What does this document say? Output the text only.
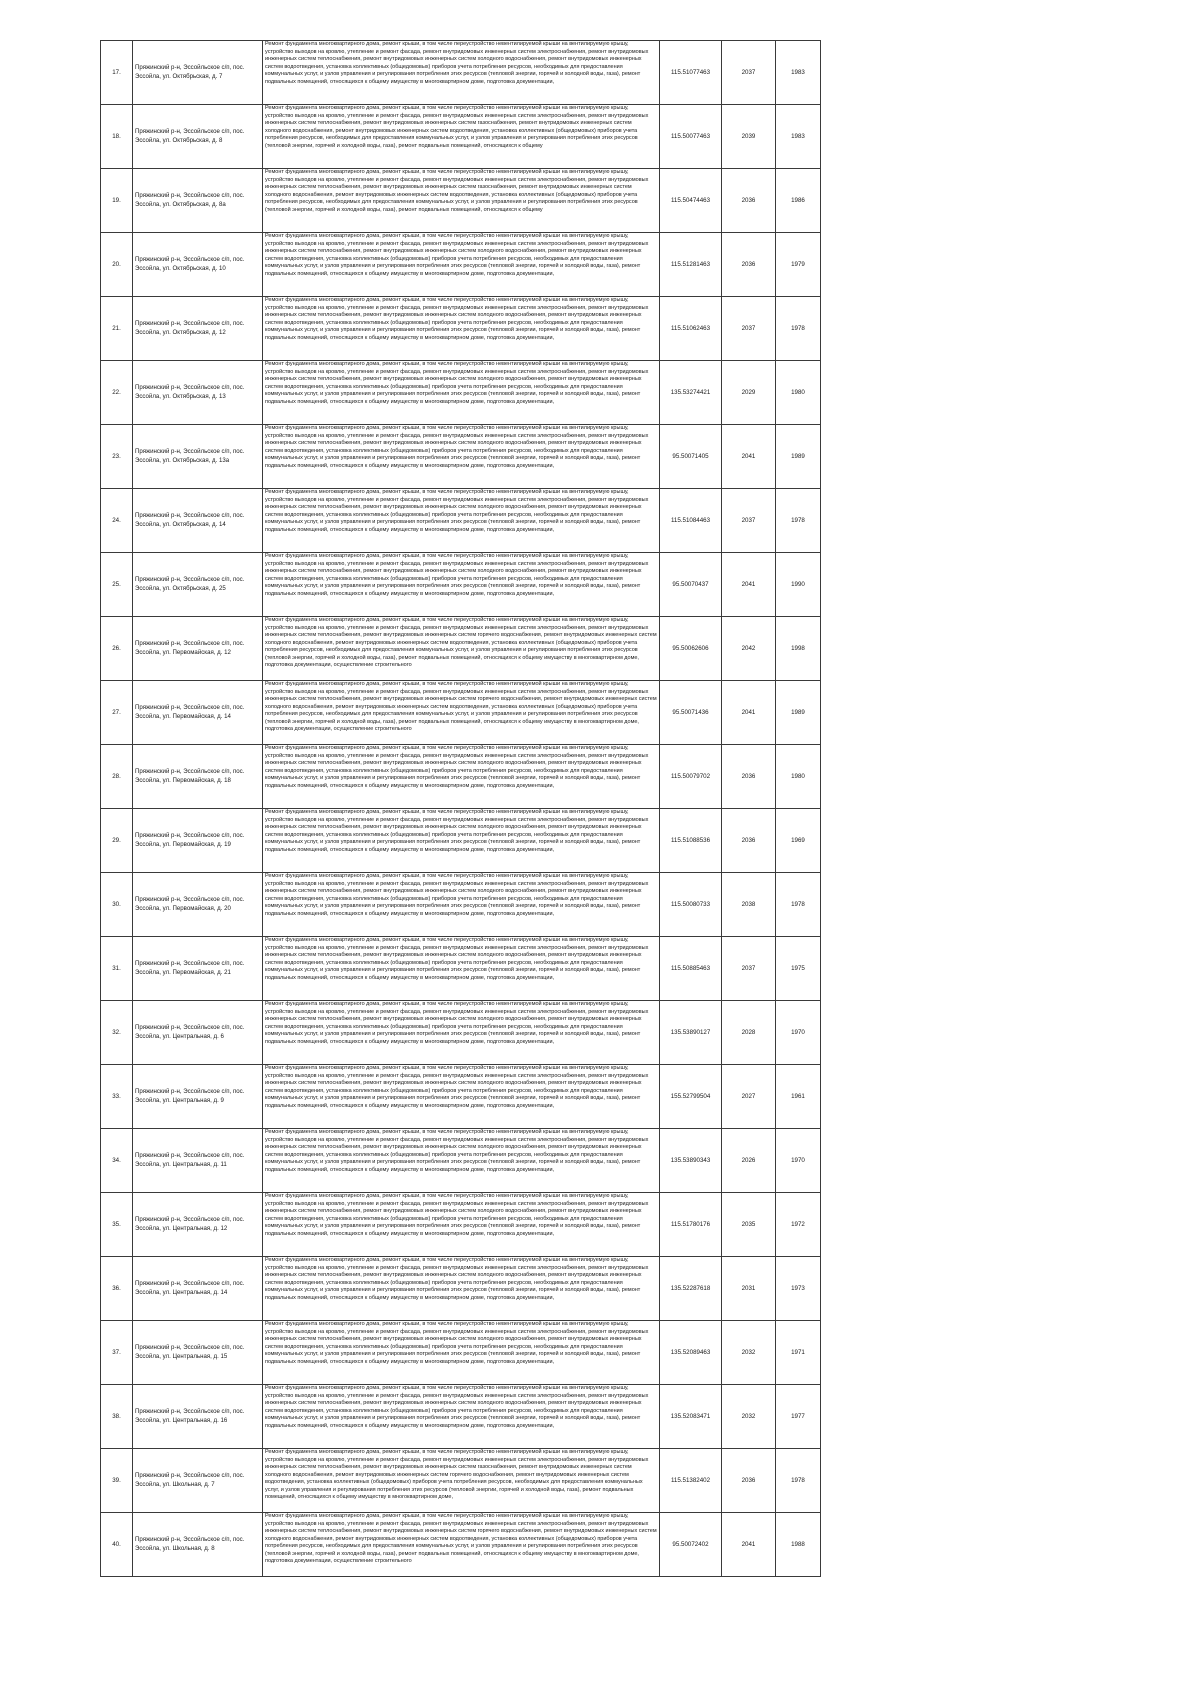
17.	Пряжинский р-н, Эссойльское с/п, пос. Эссойла, ул. Октябрьская, д. 7	Ремонт фундамента многоквартирного дома, ремонт крыши, в том числе переустройство невентилируемой крыши на вентилируемую крышу, устройство выходов на кровлю, утепление и ремонт фасада, ремонт внутридомовых инженерных систем электроснабжения, ремонт внутридомовых инженерных систем теплоснабжения, ремонт внутридомовых инженерных систем холодного водоснабжения, ремонт внутридомовых инженерных систем водоотведения, установка коллективных (общедомовых) приборов учета потребления ресурсов, необходимых для предоставления коммунальных услуг, и узлов управления и регулирования потребления этих ресурсов (тепловой энергии, горячей и холодной воды, газа), ремонт подвальных помещений, относящихся к общему имуществу в многоквартирном доме, подготовка документации,	115.51077463	2037	1983
18.	Пряжинский р-н, Эссойльское с/п, пос. Эссойла, ул. Октябрьская, д. 8	Ремонт фундамента многоквартирного дома, ремонт крыши, в том числе переустройство невентилируемой крыши на вентилируемую крышу, устройство выходов на кровлю, утепление и ремонт фасада, ремонт внутридомовых инженерных систем электроснабжения, ремонт внутридомовых инженерных систем теплоснабжения, ремонт внутридомовых инженерных систем газоснабжения, ремонт внутридомовых инженерных систем холодного водоснабжения, ремонт внутридомовых инженерных систем водоотведения, установка коллективных (общедомовых) приборов учета потребления ресурсов, необходимых для предоставления коммунальных услуг, и узлов управления и регулирования потребления этих ресурсов (тепловой энергии, горячей и холодной воды, газа), ремонт подвальных помещений, относящихся к общему	115.50077463	2039	1983
19.	Пряжинский р-н, Эссойльское с/п, пос. Эссойла, ул. Октябрьская, д. 8а	Ремонт фундамента многоквартирного дома, ремонт крыши, в том числе переустройство невентилируемой крыши на вентилируемую крышу, устройство выходов на кровлю, утепление и ремонт фасада, ремонт внутридомовых инженерных систем электроснабжения, ремонт внутридомовых инженерных систем теплоснабжения, ремонт внутридомовых инженерных систем газоснабжения, ремонт внутридомовых инженерных систем холодного водоснабжения, ремонт внутридомовых инженерных систем водоотведения, установка коллективных (общедомовых) приборов учета потребления ресурсов, необходимых для предоставления коммунальных услуг, и узлов управления и регулирования потребления этих ресурсов (тепловой энергии, горячей и холодной воды, газа), ремонт подвальных помещений, относящихся к общему	115.50474463	2036	1986
20.	Пряжинский р-н, Эссойльское с/п, пос. Эссойла, ул. Октябрьская, д. 10	Ремонт фундамента многоквартирного дома, ремонт крыши, в том числе переустройство невентилируемой крыши на вентилируемую крышу, устройство выходов на кровлю, утепление и ремонт фасада, ремонт внутридомовых инженерных систем электроснабжения, ремонт внутридомовых инженерных систем теплоснабжения, ремонт внутридомовых инженерных систем холодного водоснабжения, ремонт внутридомовых инженерных систем водоотведения, установка коллективных (общедомовых) приборов учета потребления ресурсов, необходимых для предоставления коммунальных услуг, и узлов управления и регулирования потребления этих ресурсов (тепловой энергии, горячей и холодной воды, газа), ремонт подвальных помещений, относящихся к общему имуществу в многоквартирном доме, подготовка документации,	115.51281463	2036	1979
21.	Пряжинский р-н, Эссойльское с/п, пос. Эссойла, ул. Октябрьская, д. 12	Ремонт фундамента многоквартирного дома, ремонт крыши, в том числе переустройство невентилируемой крыши на вентилируемую крышу, устройство выходов на кровлю, утепление и ремонт фасада, ремонт внутридомовых инженерных систем электроснабжения, ремонт внутридомовых инженерных систем теплоснабжения, ремонт внутридомовых инженерных систем холодного водоснабжения, ремонт внутридомовых инженерных систем водоотведения, установка коллективных (общедомовых) приборов учета потребления ресурсов, необходимых для предоставления коммунальных услуг, и узлов управления и регулирования потребления этих ресурсов (тепловой энергии, горячей и холодной воды, газа), ремонт подвальных помещений, относящихся к общему имуществу в многоквартирном доме, подготовка документации,	115.51062463	2037	1978
22.	Пряжинский р-н, Эссойльское с/п, пос. Эссойла, ул. Октябрьская, д. 13	Ремонт фундамента многоквартирного дома, ремонт крыши, в том числе переустройство невентилируемой крыши на вентилируемую крышу, устройство выходов на кровлю, утепление и ремонт фасада, ремонт внутридомовых инженерных систем электроснабжения, ремонт внутридомовых инженерных систем теплоснабжения, ремонт внутридомовых инженерных систем холодного водоснабжения, ремонт внутридомовых инженерных систем водоотведения, установка коллективных (общедомовых) приборов учета потребления ресурсов, необходимых для предоставления коммунальных услуг, и узлов управления и регулирования потребления этих ресурсов (тепловой энергии, горячей и холодной воды, газа), ремонт подвальных помещений, относящихся к общему имуществу в многоквартирном доме, подготовка документации,	135.53274421	2029	1980
23.	Пряжинский р-н, Эссойльское с/п, пос. Эссойла, ул. Октябрьская, д. 13а	Ремонт фундамента многоквартирного дома, ремонт крыши, в том числе переустройство невентилируемой крыши на вентилируемую крышу, устройство выходов на кровлю, утепление и ремонт фасада, ремонт внутридомовых инженерных систем электроснабжения, ремонт внутридомовых инженерных систем теплоснабжения, ремонт внутридомовых инженерных систем холодного водоснабжения, ремонт внутридомовых инженерных систем водоотведения, установка коллективных (общедомовых) приборов учета потребления ресурсов, необходимых для предоставления коммунальных услуг, и узлов управления и регулирования потребления этих ресурсов (тепловой энергии, горячей и холодной воды, газа), ремонт подвальных помещений, относящихся к общему имуществу в многоквартирном доме, подготовка документации,	95.50071405	2041	1989
24.	Пряжинский р-н, Эссойльское с/п, пос. Эссойла, ул. Октябрьская, д. 14	Ремонт фундамента многоквартирного дома, ремонт крыши, в том числе переустройство невентилируемой крыши на вентилируемую крышу, устройство выходов на кровлю, утепление и ремонт фасада, ремонт внутридомовых инженерных систем электроснабжения, ремонт внутридомовых инженерных систем теплоснабжения, ремонт внутридомовых инженерных систем холодного водоснабжения, ремонт внутридомовых инженерных систем водоотведения, установка коллективных (общедомовых) приборов учета потребления ресурсов, необходимых для предоставления коммунальных услуг, и узлов управления и регулирования потребления этих ресурсов (тепловой энергии, горячей и холодной воды, газа), ремонт подвальных помещений, относящихся к общему имуществу в многоквартирном доме, подготовка документации,	115.51084463	2037	1978
25.	Пряжинский р-н, Эссойльское с/п, пос. Эссойла, ул. Октябрьская, д. 25	Ремонт фундамента многоквартирного дома, ремонт крыши, в том числе переустройство невентилируемой крыши на вентилируемую крышу, устройство выходов на кровлю, утепление и ремонт фасада, ремонт внутридомовых инженерных систем электроснабжения, ремонт внутридомовых инженерных систем теплоснабжения, ремонт внутридомовых инженерных систем холодного водоснабжения, ремонт внутридомовых инженерных систем водоотведения, установка коллективных (общедомовых) приборов учета потребления ресурсов, необходимых для предоставления коммунальных услуг, и узлов управления и регулирования потребления этих ресурсов (тепловой энергии, горячей и холодной воды, газа), ремонт подвальных помещений, относящихся к общему имуществу в многоквартирном доме, подготовка документации,	95.50070437	2041	1990
26.	Пряжинский р-н, Эссойльское с/п, пос. Эссойла, ул. Первомайская, д. 12	Ремонт фундамента многоквартирного дома, ремонт крыши, в том числе переустройство невентилируемой крыши на вентилируемую крышу, устройство выходов на кровлю, утепление и ремонт фасада, ремонт внутридомовых инженерных систем электроснабжения, ремонт внутридомовых инженерных систем теплоснабжения, ремонт внутридомовых инженерных систем горячего водоснабжения, ремонт внутридомовых инженерных систем холодного водоснабжения, ремонт внутридомовых инженерных систем водоотведения, установка коллективных (общедомовых) приборов учета потребления ресурсов, необходимых для предоставления коммунальных услуг, и узлов управления и регулирования потребления этих ресурсов (тепловой энергии, горячей и холодной воды, газа), ремонт подвальных помещений, относящихся к общему имуществу в многоквартирном доме, подготовка документации, осуществление строительного	95.50062606	2042	1998
27.	Пряжинский р-н, Эссойльское с/п, пос. Эссойла, ул. Первомайская, д. 14	Ремонт фундамента многоквартирного дома, ремонт крыши, в том числе переустройство невентилируемой крыши на вентилируемую крышу, устройство выходов на кровлю, утепление и ремонт фасада, ремонт внутридомовых инженерных систем электроснабжения, ремонт внутридомовых инженерных систем теплоснабжения, ремонт внутридомовых инженерных систем горячего водоснабжения, ремонт внутридомовых инженерных систем холодного водоснабжения, ремонт внутридомовых инженерных систем водоотведения, установка коллективных (общедомовых) приборов учета потребления ресурсов, необходимых для предоставления коммунальных услуг, и узлов управления и регулирования потребления этих ресурсов (тепловой энергии, горячей и холодной воды, газа), ремонт подвальных помещений, относящихся к общему имуществу в многоквартирном доме, подготовка документации, осуществление строительного	95.50071436	2041	1989
28.	Пряжинский р-н, Эссойльское с/п, пос. Эссойла, ул. Первомайская, д. 18	Ремонт фундамента многоквартирного дома, ремонт крыши, в том числе переустройство невентилируемой крыши на вентилируемую крышу, устройство выходов на кровлю, утепление и ремонт фасада, ремонт внутридомовых инженерных систем электроснабжения, ремонт внутридомовых инженерных систем теплоснабжения, ремонт внутридомовых инженерных систем холодного водоснабжения, ремонт внутридомовых инженерных систем водоотведения, установка коллективных (общедомовых) приборов учета потребления ресурсов, необходимых для предоставления коммунальных услуг, и узлов управления и регулирования потребления этих ресурсов (тепловой энергии, горячей и холодной воды, газа), ремонт подвальных помещений, относящихся к общему имуществу в многоквартирном доме, подготовка документации,	115.50079702	2036	1980
29.	Пряжинский р-н, Эссойльское с/п, пос. Эссойла, ул. Первомайская, д. 19	Ремонт фундамента многоквартирного дома, ремонт крыши, в том числе переустройство невентилируемой крыши на вентилируемую крышу, устройство выходов на кровлю, утепление и ремонт фасада, ремонт внутридомовых инженерных систем электроснабжения, ремонт внутридомовых инженерных систем теплоснабжения, ремонт внутридомовых инженерных систем холодного водоснабжения, ремонт внутридомовых инженерных систем водоотведения, установка коллективных (общедомовых) приборов учета потребления ресурсов, необходимых для предоставления коммунальных услуг, и узлов управления и регулирования потребления этих ресурсов (тепловой энергии, горячей и холодной воды, газа), ремонт подвальных помещений, относящихся к общему имуществу в многоквартирном доме, подготовка документации,	115.51088536	2036	1969
30.	Пряжинский р-н, Эссойльское с/п, пос. Эссойла, ул. Первомайская, д. 20	Ремонт фундамента многоквартирного дома, ремонт крыши, в том числе переустройство невентилируемой крыши на вентилируемую крышу, устройство выходов на кровлю, утепление и ремонт фасада, ремонт внутридомовых инженерных систем электроснабжения, ремонт внутридомовых инженерных систем теплоснабжения, ремонт внутридомовых инженерных систем холодного водоснабжения, ремонт внутридомовых инженерных систем водоотведения, установка коллективных (общедомовых) приборов учета потребления ресурсов, необходимых для предоставления коммунальных услуг, и узлов управления и регулирования потребления этих ресурсов (тепловой энергии, горячей и холодной воды, газа), ремонт подвальных помещений, относящихся к общему имуществу в многоквартирном доме, подготовка документации,	115.50080733	2038	1978
31.	Пряжинский р-н, Эссойльское с/п, пос. Эссойла, ул. Первомайская, д. 21	Ремонт фундамента многоквартирного дома, ремонт крыши, в том числе переустройство невентилируемой крыши на вентилируемую крышу, устройство выходов на кровлю, утепление и ремонт фасада, ремонт внутридомовых инженерных систем электроснабжения, ремонт внутридомовых инженерных систем теплоснабжения, ремонт внутридомовых инженерных систем холодного водоснабжения, ремонт внутридомовых инженерных систем водоотведения, установка коллективных (общедомовых) приборов учета потребления ресурсов, необходимых для предоставления коммунальных услуг, и узлов управления и регулирования потребления этих ресурсов (тепловой энергии, горячей и холодной воды, газа), ремонт подвальных помещений, относящихся к общему имуществу в многоквартирном доме, подготовка документации,	115.50885463	2037	1975
32.	Пряжинский р-н, Эссойльское с/п, пос. Эссойла, ул. Центральная, д. 6	Ремонт фундамента многоквартирного дома, ремонт крыши, в том числе переустройство невентилируемой крыши на вентилируемую крышу, устройство выходов на кровлю, утепление и ремонт фасада, ремонт внутридомовых инженерных систем электроснабжения, ремонт внутридомовых инженерных систем теплоснабжения, ремонт внутридомовых инженерных систем холодного водоснабжения, ремонт внутридомовых инженерных систем водоотведения, установка коллективных (общедомовых) приборов учета потребления ресурсов, необходимых для предоставления коммунальных услуг, и узлов управления и регулирования потребления этих ресурсов (тепловой энергии, горячей и холодной воды, газа), ремонт подвальных помещений, относящихся к общему имуществу в многоквартирном доме, подготовка документации,	135.53890127	2028	1970
33.	Пряжинский р-н, Эссойльское с/п, пос. Эссойла, ул. Центральная, д. 9	Ремонт фундамента многоквартирного дома, ремонт крыши, в том числе переустройство невентилируемой крыши на вентилируемую крышу, устройство выходов на кровлю, утепление и ремонт фасада, ремонт внутридомовых инженерных систем электроснабжения, ремонт внутридомовых инженерных систем теплоснабжения, ремонт внутридомовых инженерных систем холодного водоснабжения, ремонт внутридомовых инженерных систем водоотведения, установка коллективных (общедомовых) приборов учета потребления ресурсов, необходимых для предоставления коммунальных услуг, и узлов управления и регулирования потребления этих ресурсов (тепловой энергии, горячей и холодной воды, газа), ремонт подвальных помещений, относящихся к общему имуществу в многоквартирном доме, подготовка документации,	155.52799504	2027	1961
34.	Пряжинский р-н, Эссойльское с/п, пос. Эссойла, ул. Центральная, д. 11	Ремонт фундамента многоквартирного дома, ремонт крыши, в том числе переустройство невентилируемой крыши на вентилируемую крышу, устройство выходов на кровлю, утепление и ремонт фасада, ремонт внутридомовых инженерных систем электроснабжения, ремонт внутридомовых инженерных систем теплоснабжения, ремонт внутридомовых инженерных систем холодного водоснабжения, ремонт внутридомовых инженерных систем водоотведения, установка коллективных (общедомовых) приборов учета потребления ресурсов, необходимых для предоставления коммунальных услуг, и узлов управления и регулирования потребления этих ресурсов (тепловой энергии, горячей и холодной воды, газа), ремонт подвальных помещений, относящихся к общему имуществу в многоквартирном доме, подготовка документации,	135.53890343	2026	1970
35.	Пряжинский р-н, Эссойльское с/п, пос. Эссойла, ул. Центральная, д. 12	Ремонт фундамента многоквартирного дома, ремонт крыши, в том числе переустройство невентилируемой крыши на вентилируемую крышу, устройство выходов на кровлю, утепление и ремонт фасада, ремонт внутридомовых инженерных систем электроснабжения, ремонт внутридомовых инженерных систем теплоснабжения, ремонт внутридомовых инженерных систем холодного водоснабжения, ремонт внутридомовых инженерных систем водоотведения, установка коллективных (общедомовых) приборов учета потребления ресурсов, необходимых для предоставления коммунальных услуг, и узлов управления и регулирования потребления этих ресурсов (тепловой энергии, горячей и холодной воды, газа), ремонт подвальных помещений, относящихся к общему имуществу в многоквартирном доме, подготовка документации,	115.51780176	2035	1972
36.	Пряжинский р-н, Эссойльское с/п, пос. Эссойла, ул. Центральная, д. 14	Ремонт фундамента многоквартирного дома, ремонт крыши, в том числе переустройство невентилируемой крыши на вентилируемую крышу, устройство выходов на кровлю, утепление и ремонт фасада, ремонт внутридомовых инженерных систем электроснабжения, ремонт внутридомовых инженерных систем теплоснабжения, ремонт внутридомовых инженерных систем холодного водоснабжения, ремонт внутридомовых инженерных систем водоотведения, установка коллективных (общедомовых) приборов учета потребления ресурсов, необходимых для предоставления коммунальных услуг, и узлов управления и регулирования потребления этих ресурсов (тепловой энергии, горячей и холодной воды, газа), ремонт подвальных помещений, относящихся к общему имуществу в многоквартирном доме, подготовка документации,	135.52287618	2031	1973
37.	Пряжинский р-н, Эссойльское с/п, пос. Эссойла, ул. Центральная, д. 15	Ремонт фундамента многоквартирного дома, ремонт крыши, в том числе переустройство невентилируемой крыши на вентилируемую крышу, устройство выходов на кровлю, утепление и ремонт фасада, ремонт внутридомовых инженерных систем электроснабжения, ремонт внутридомовых инженерных систем теплоснабжения, ремонт внутридомовых инженерных систем холодного водоснабжения, ремонт внутридомовых инженерных систем водоотведения, установка коллективных (общедомовых) приборов учета потребления ресурсов, необходимых для предоставления коммунальных услуг, и узлов управления и регулирования потребления этих ресурсов (тепловой энергии, горячей и холодной воды, газа), ремонт подвальных помещений, относящихся к общему имуществу в многоквартирном доме, подготовка документации,	135.52089463	2032	1971
38.	Пряжинский р-н, Эссойльское с/п, пос. Эссойла, ул. Центральная, д. 16	Ремонт фундамента многоквартирного дома, ремонт крыши, в том числе переустройство невентилируемой крыши на вентилируемую крышу, устройство выходов на кровлю, утепление и ремонт фасада, ремонт внутридомовых инженерных систем электроснабжения, ремонт внутридомовых инженерных систем теплоснабжения, ремонт внутридомовых инженерных систем холодного водоснабжения, ремонт внутридомовых инженерных систем водоотведения, установка коллективных (общедомовых) приборов учета потребления ресурсов, необходимых для предоставления коммунальных услуг, и узлов управления и регулирования потребления этих ресурсов (тепловой энергии, горячей и холодной воды, газа), ремонт подвальных помещений, относящихся к общему имуществу в многоквартирном доме, подготовка документации,	135.52083471	2032	1977
39.	Пряжинский р-н, Эссойльское с/п, пос. Эссойла, ул. Школьная, д. 7	Ремонт фундамента многоквартирного дома, ремонт крыши, в том числе переустройство невентилируемой крыши на вентилируемую крышу, устройство выходов на кровлю, утепление и ремонт фасада, ремонт внутридомовых инженерных систем электроснабжения, ремонт внутридомовых инженерных систем теплоснабжения, ремонт внутридомовых инженерных систем газоснабжения, ремонт внутридомовых инженерных систем холодного водоснабжения, ремонт внутридомовых инженерных систем горячего водоснабжения, ремонт внутридомовых инженерных систем водоотведения, установка коллективных (общедомовых) приборов учета потребления ресурсов, необходимых для предоставления коммунальных услуг, и узлов управления и регулирования потребления этих ресурсов (тепловой энергии, горячей и холодной воды, газа), ремонт подвальных помещений, относящихся к общему имуществу в многоквартирном доме,	115.51382402	2036	1978
40.	Пряжинский р-н, Эссойльское с/п, пос. Эссойла, ул. Школьная, д. 8	Ремонт фундамента многоквартирного дома, ремонт крыши, в том числе переустройство невентилируемой крыши на вентилируемую крышу, устройство выходов на кровлю, утепление и ремонт фасада, ремонт внутридомовых инженерных систем электроснабжения, ремонт внутридомовых инженерных систем теплоснабжения, ремонт внутридомовых инженерных систем горячего водоснабжения, ремонт внутридомовых инженерных систем холодного водоснабжения, ремонт внутридомовых инженерных систем водоотведения, установка коллективных (общедомовых) приборов учета потребления ресурсов, необходимых для предоставления коммунальных услуг, и узлов управления и регулирования потребления этих ресурсов (тепловой энергии, горячей и холодной воды, газа), ремонт подвальных помещений, относящихся к общему имуществу в многоквартирном доме, подготовка документации, осуществление строительного	95.50072402	2041	1988
